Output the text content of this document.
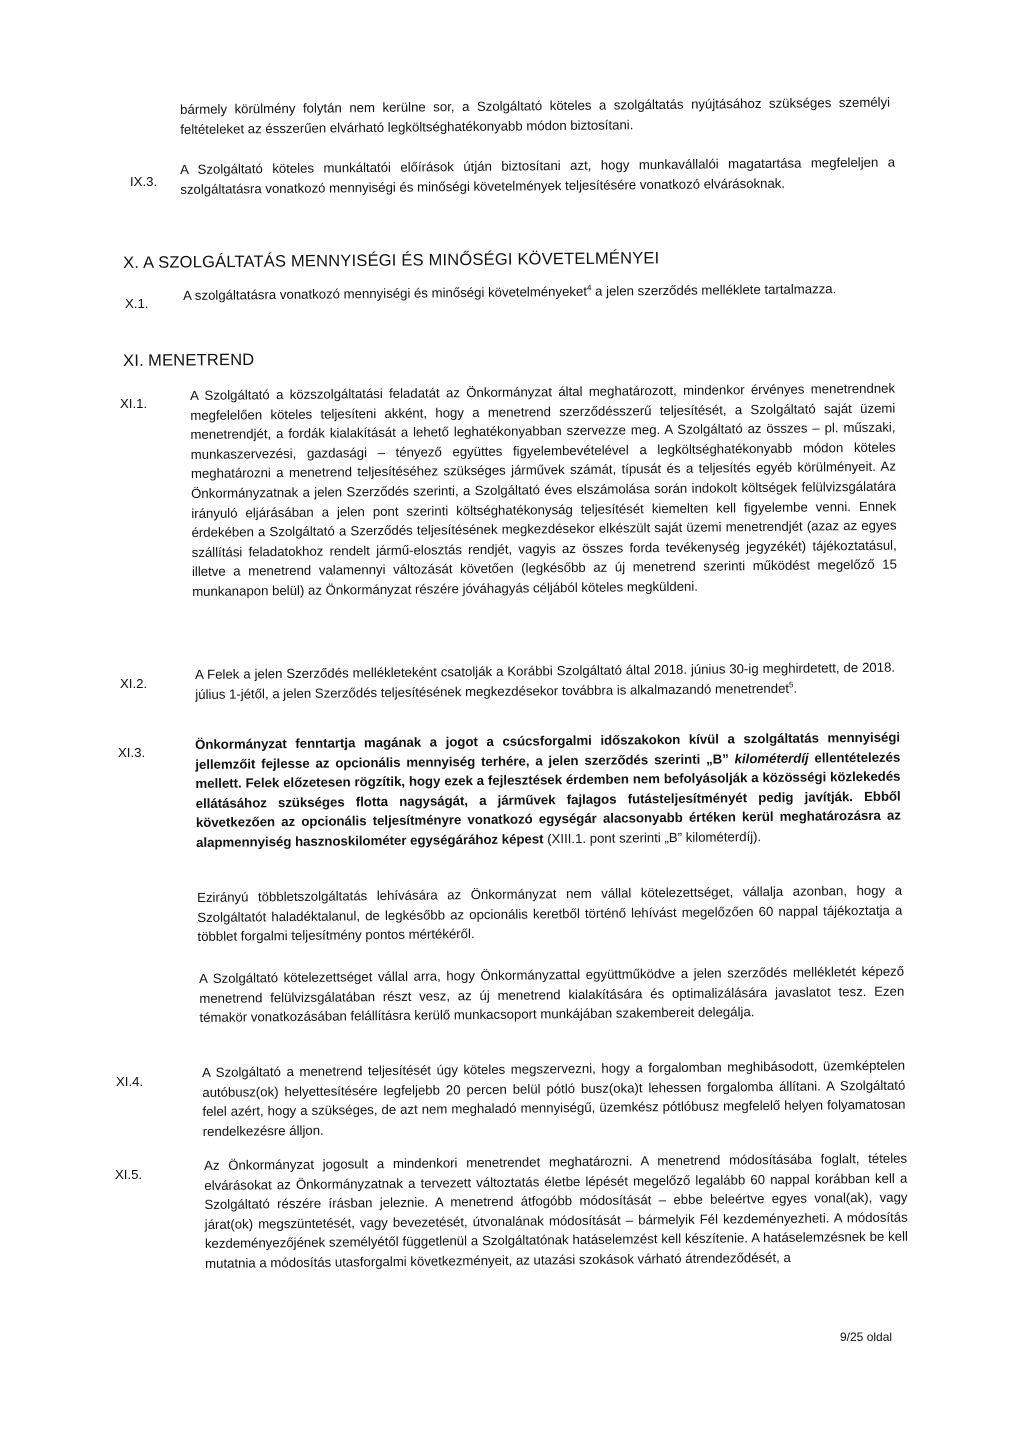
bármely körülmény folytán nem kerülne sor, a Szolgáltató köteles a szolgáltatás nyújtásához szükséges személyi feltételeket az ésszerűen elvárható legköltséghatékonyabb módon biztosítani.

IX.3.

A Szolgáltató köteles munkáltatói előírások útján biztosítani azt, hogy munkavállalói magatartása megfeleljen a szolgáltatásra vonatkozó mennyiségi és minőségi követelmények teljesítésére vonatkozó elvárásoknak.

X. A SZOLGÁLTATÁS MENNYISÉGI ÉS MINŐSÉGI KÖVETELMÉNYEI
X.1.

A szolgáltatásra vonatkozó mennyiségi és minőségi követelményeket$^4$ a jelen szerződés melléklete tartalmazza.

XI. MENETREND
XI.1.

A Szolgáltató a közszolgáltatási feladatát az Önkormányzat által meghatározott, mindenkor érvényes menetrendnek megfelelően köteles teljesíteni akként, hogy a menetrend szerződésszerű teljesítését, a Szolgáltató saját üzemi menetrendjét, a fordák kialakítását a lehető leghatékonyabban szervezze meg. A Szolgáltató az összes – pl. műszaki, munkaszervezési, gazdasági – tényező együttes figyelembevételével a legköltséghatékonyabb módon köteles meghatározni a menetrend teljesítéséhez szükséges járművek számát, típusát és a teljesítés egyéb körülményeit. Az Önkormányzatnak a jelen Szerződés szerinti, a Szolgáltató éves elszámolása során indokolt költségek felülvizsgálatára irányuló eljárásában a jelen pont szerinti költséghatékonyság teljesítését kiemelten kell figyelembe venni. Ennek érdekében a Szolgáltató a Szerződés teljesítésének megkezdésekor elkészült saját üzemi menetrendjét (azaz az egyes szállítási feladatokhoz rendelt jármű-elosztás rendjét, vagyis az összes forda tevékenység jegyzékét) tájékoztatásul, illetve a menetrend valamennyi változását követően (legkésőbb az új menetrend szerinti működést megelőző 15 munkanapon belül) az Önkormányzat részére jóváhagyás céljából köteles megküldeni.

XI.2.

A Felek a jelen Szerződés mellékleteként csatolják a Korábbi Szolgáltató által 2018. június 30-ig meghirdetett, de 2018. július 1-jétől, a jelen Szerződés teljesítésének megkezdésekor továbbra is alkalmazandó menetrendet$^5$.

XI.3.

Önkormányzat fenntartja magának a jogot a csúcsforgalmi időszakokon kívül a szolgáltatás mennyiségi jellemzőit fejlesse az opcionális mennyiség terhére, a jelen szerződés szerinti „B” kilométerdíj ellentételezés mellett. Felek előzetesen rögzítik, hogy ezek a fejlesztések érdemben nem befolyásolják a közösségi közlekedés ellátásához szükséges flotta nagyságát, a járművek fajlagos futásteljesítményét pedig javítják. Ebből következően az opcionális teljesítményre vonatkozó egységár alacsonyabb értéken kerül meghatározásra az alapmennyiség hasznoskilométer egységárához képest (XIII.1. pont szerinti „B” kilométerdíj).

Ezirányú többletszolgáltatás lehívására az Önkormányzat nem vállal kötelezettséget, vállalja azonban, hogy a Szolgáltatót haladéktalanul, de legkésőbb az opcionális keretből történő lehívást megelőzően 60 nappal tájékoztatja a többlet forgalmi teljesítmény pontos mértékéről.

A Szolgáltató kötelezettséget vállal arra, hogy Önkormányzattal együttműködve a jelen szerződés mellékletét képező menetrend felülvizsgálatában részt vesz, az új menetrend kialakítására és optimalizálására javaslatot tesz. Ezen témakör vonatkozásában felállításra kerülő munkacsoport munkájában szakembereit delegálja.

XI.4.

A Szolgáltató a menetrend teljesítését úgy köteles megszervezni, hogy a forgalomban meghibásodott, üzemképtelen autóbusz(ok) helyettesítésére legfeljebb 20 percen belül pótló busz(oka)t lehessen forgalomba állítani. A Szolgáltató felel azért, hogy a szükséges, de azt nem meghaladó mennyiségű, üzemkész pótlóbusz megfelelő helyen folyamatosan rendelkezésre álljon.

XI.5.

Az Önkormányzat jogosult a mindenkori menetrendet meghatározni. A menetrend módosításába foglalt, tételes elvárásokat az Önkormányzatnak a tervezett változtatás életbe lépését megelőző legalább 60 nappal korábban kell a Szolgáltató részére írásban jeleznie. A menetrend átfogóbb módosítását – ebbe beleértve egyes vonal(ak), vagy járat(ok) megszüntetését, vagy bevezetését, útvonalának módosítását – bármelyik Fél kezdeményezheti. A módosítás kezdeményezőjének személyétől függetlenül a Szolgáltatónak hatáselemzést kell készítenie. A hatáselemzésnek be kell mutatnia a módosítás utasforgalmi következményeit, az utazási szokások várható átrendeződését, a

9/25 oldal
